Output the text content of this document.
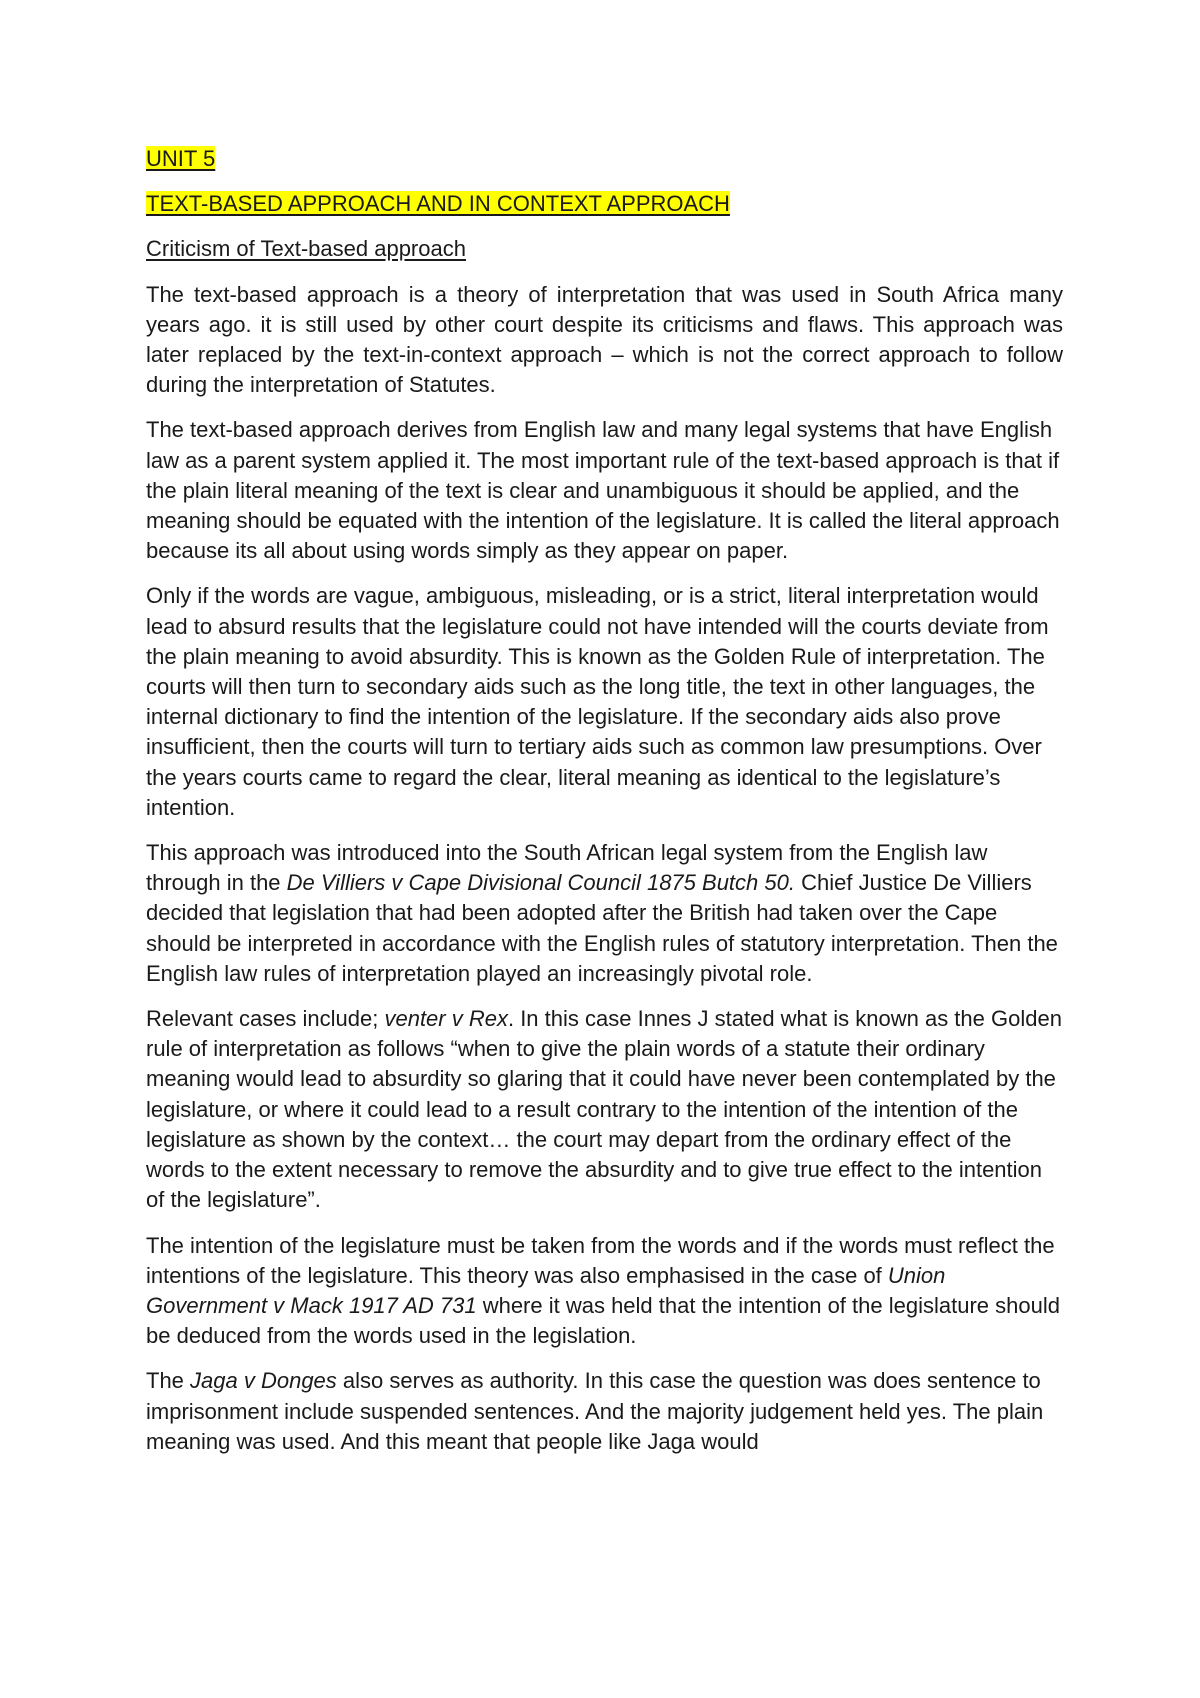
UNIT 5

TEXT-BASED APPROACH AND IN CONTEXT APPROACH

Criticism of Text-based approach

The text-based approach is a theory of interpretation that was used in South Africa many years ago. it is still used by other court despite its criticisms and flaws. This approach was later replaced by the text-in-context approach – which is not the correct approach to follow during the interpretation of Statutes.

The text-based approach derives from English law and many legal systems that have English law as a parent system applied it. The most important rule of the text-based approach is that if the plain literal meaning of the text is clear and unambiguous it should be applied, and the meaning should be equated with the intention of the legislature. It is called the literal approach because its all about using words simply as they appear on paper.

Only if the words are vague, ambiguous, misleading, or is a strict, literal interpretation would lead to absurd results that the legislature could not have intended will the courts deviate from the plain meaning to avoid absurdity. This is known as the Golden Rule of interpretation. The courts will then turn to secondary aids such as the long title, the text in other languages, the internal dictionary to find the intention of the legislature. If the secondary aids also prove insufficient, then the courts will turn to tertiary aids such as common law presumptions. Over the years courts came to regard the clear, literal meaning as identical to the legislature’s intention.

This approach was introduced into the South African legal system from the English law through in the De Villiers v Cape Divisional Council 1875 Butch 50. Chief Justice De Villiers decided that legislation that had been adopted after the British had taken over the Cape should be interpreted in accordance with the English rules of statutory interpretation. Then the English law rules of interpretation played an increasingly pivotal role.

Relevant cases include; venter v Rex. In this case Innes J stated what is known as the Golden rule of interpretation as follows “when to give the plain words of a statute their ordinary meaning would lead to absurdity so glaring that it could have never been contemplated by the legislature, or where it could lead to a result contrary to the intention of the intention of the legislature as shown by the context… the court may depart from the ordinary effect of the words to the extent necessary to remove the absurdity and to give true effect to the intention of the legislature”.

The intention of the legislature must be taken from the words and if the words must reflect the intentions of the legislature. This theory was also emphasised in the case of Union Government v Mack 1917 AD 731 where it was held that the intention of the legislature should be deduced from the words used in the legislation.

The Jaga v Donges also serves as authority. In this case the question was does sentence to imprisonment include suspended sentences. And the majority judgement held yes. The plain meaning was used. And this meant that people like Jaga would
